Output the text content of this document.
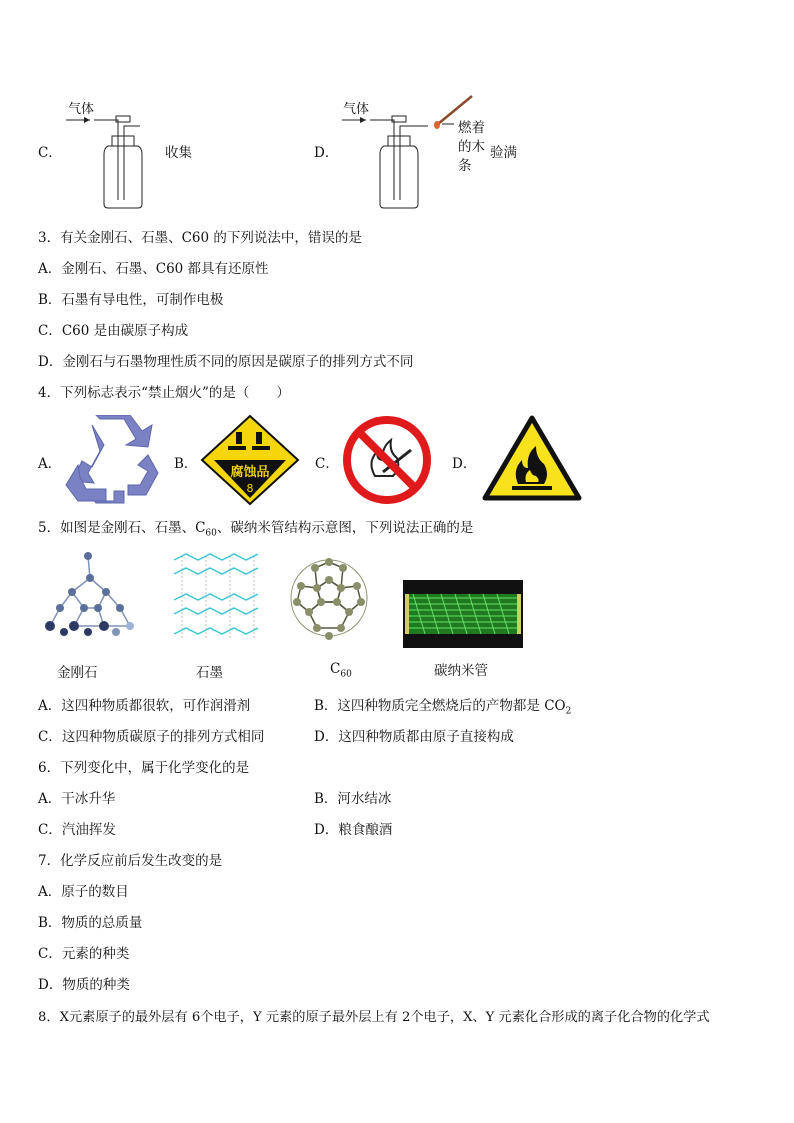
C．
气体
收集	D．
气体
燃着
的木
条
验满
3．有关金刚石、石墨、C60 的下列说法中，错误的是
A．金刚石、石墨、C60 都具有还原性
B．石墨有导电性，可制作电极
C．C60 是由碳原子构成
D．金刚石与石墨物理性质不同的原因是碳原子的排列方式不同
4．下列标志表示“禁止烟火”的是（　　）
A．	B．
腐蚀品
8
C．	D．
5．如图是金刚石、石墨、$C_{60}$、碳纳米管结构示意图，下列说法正确的是
金刚石	石墨	$C_{60}$	碳纳米管
A．这四种物质都很软，可作润滑剂	B．这四种物质完全燃烧后的产物都是 $CO_2$
C．这四种物质碳原子的排列方式相同	D．这四种物质都由原子直接构成
6．下列变化中，属于化学变化的是
A．干冰升华	B．河水结冰
C．汽油挥发	D．粮食酿酒
7．化学反应前后发生改变的是
A．原子的数目
B．物质的总质量
C．元素的种类
D．物质的种类
8．X元素原子的最外层有 6个电子，Y 元素的原子最外层上有 2个电子，X、Y 元素化合形成的离子化合物的化学式
